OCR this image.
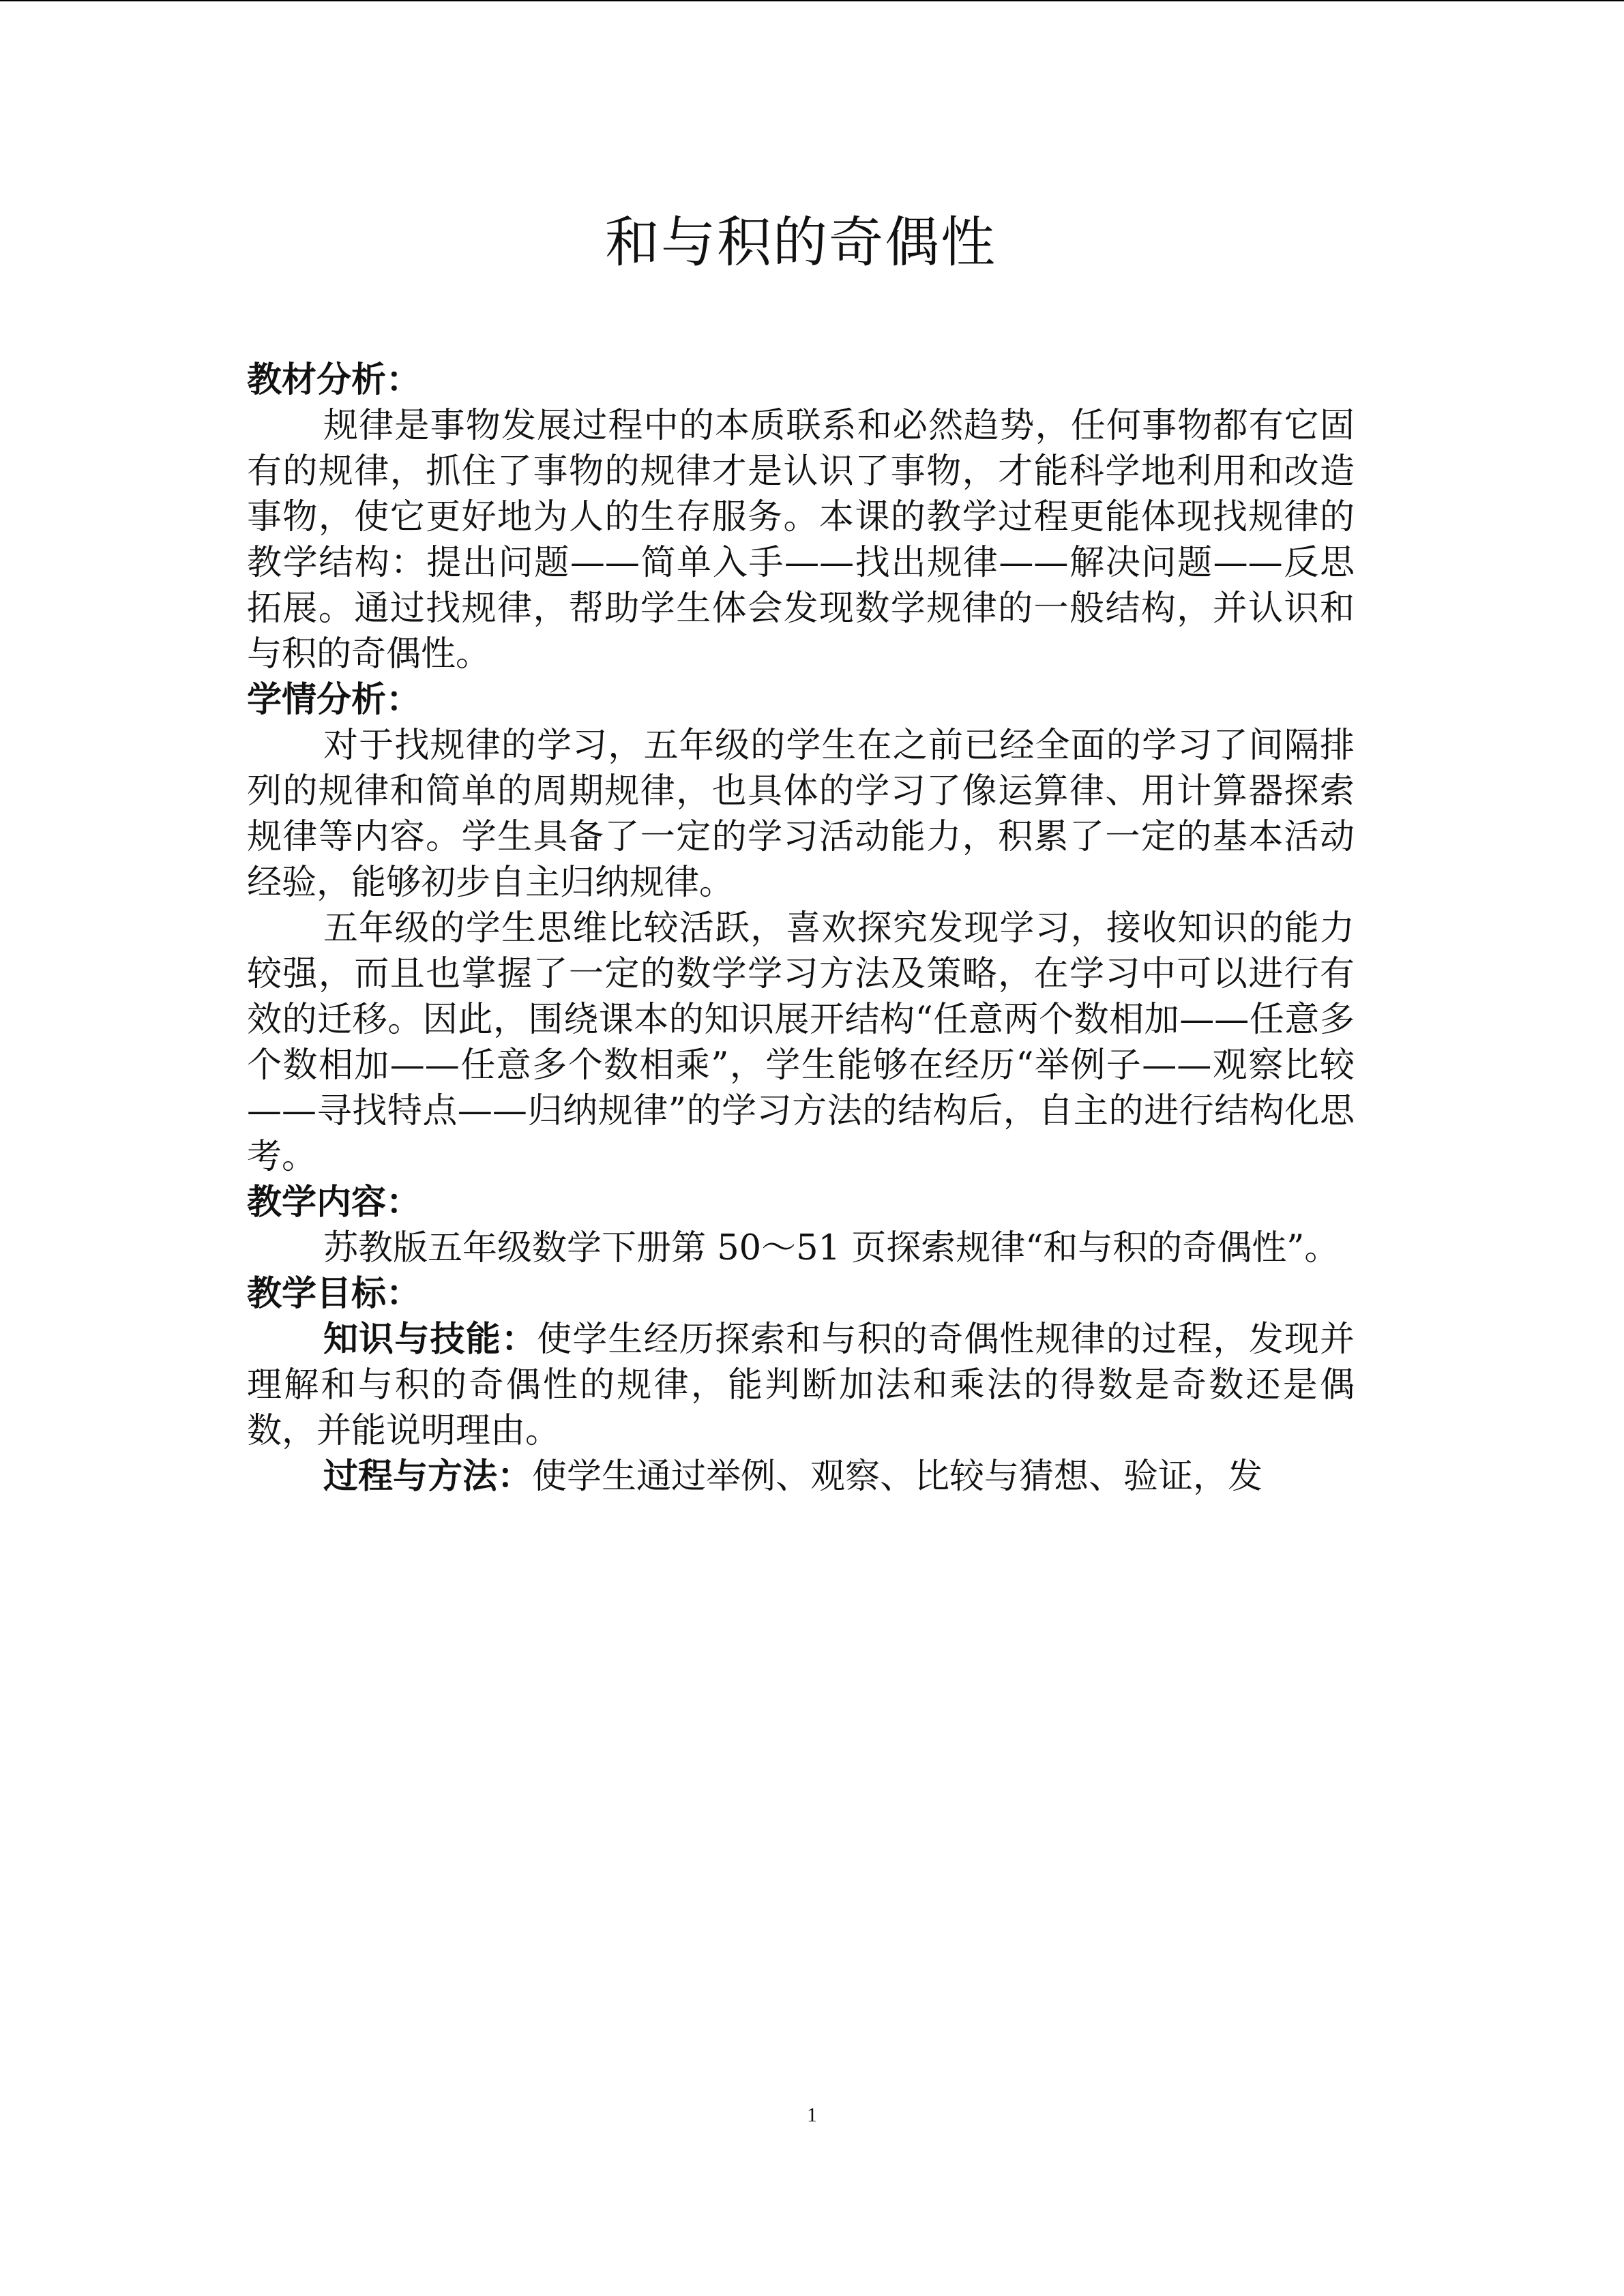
和与积的奇偶性
教材分析：

规律是事物发展过程中的本质联系和必然趋势，任何事物都有它固有的规律，抓住了事物的规律才是认识了事物，才能科学地利用和改造事物，使它更好地为人的生存服务。本课的教学过程更能体现找规律的教学结构：提出问题——简单入手——找出规律——解决问题——反思拓展。通过找规律，帮助学生体会发现数学规律的一般结构，并认识和与积的奇偶性。

学情分析：

对于找规律的学习，五年级的学生在之前已经全面的学习了间隔排列的规律和简单的周期规律，也具体的学习了像运算律、用计算器探索规律等内容。学生具备了一定的学习活动能力，积累了一定的基本活动经验，能够初步自主归纳规律。

五年级的学生思维比较活跃，喜欢探究发现学习，接收知识的能力较强，而且也掌握了一定的数学学习方法及策略，在学习中可以进行有效的迁移。因此，围绕课本的知识展开结构“任意两个数相加——任意多个数相加——任意多个数相乘”，学生能够在经历“举例子——观察比较——寻找特点——归纳规律”的学习方法的结构后，自主的进行结构化思考。

教学内容：

苏教版五年级数学下册第 50～51 页探索规律“和与积的奇偶性”。

教学目标：

知识与技能：使学生经历探索和与积的奇偶性规律的过程，发现并理解和与积的奇偶性的规律，能判断加法和乘法的得数是奇数还是偶数，并能说明理由。

过程与方法：使学生通过举例、观察、比较与猜想、验证，发

1
